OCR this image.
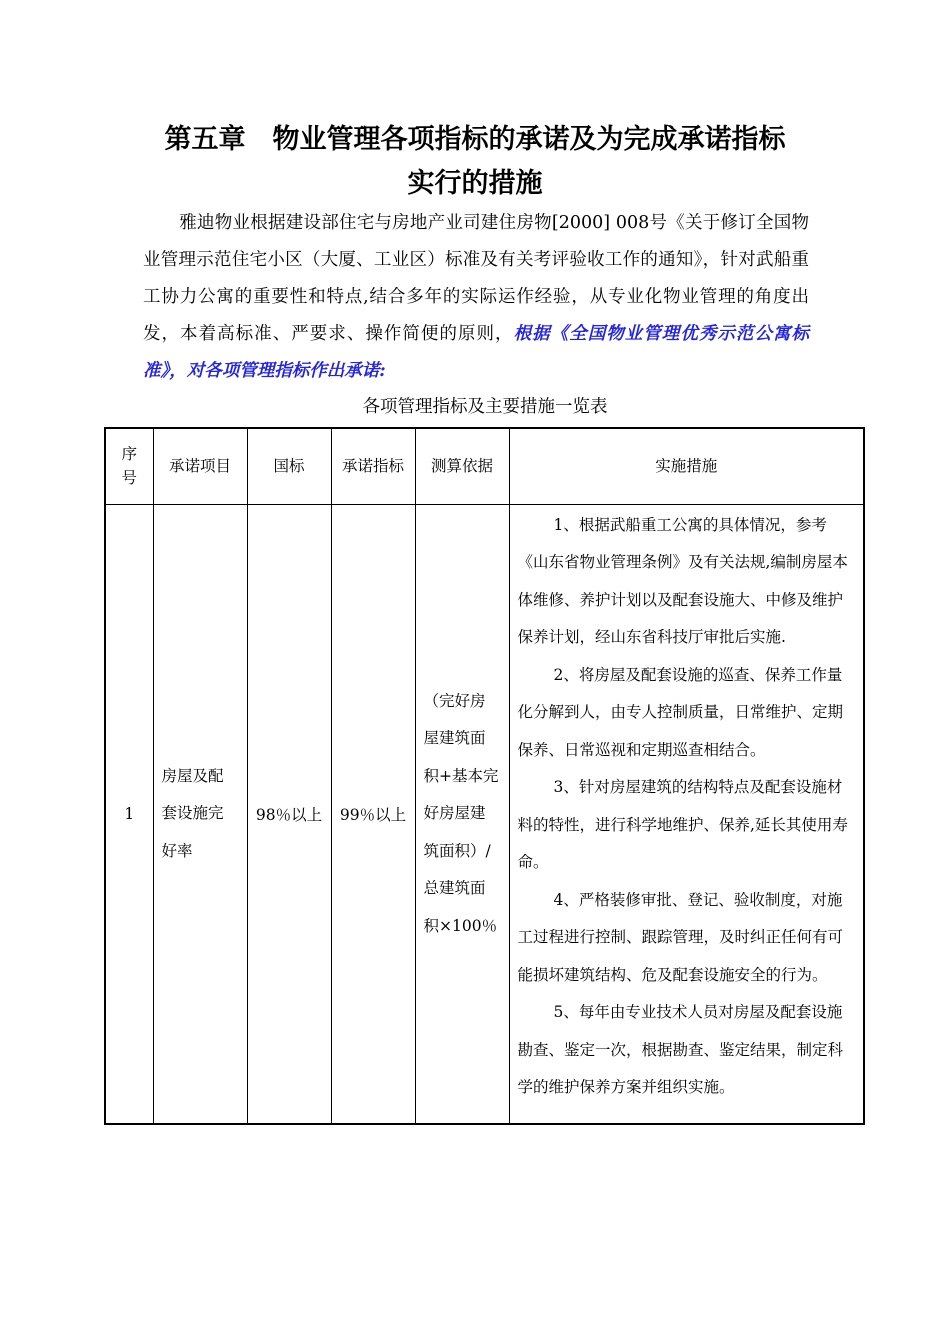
第五章　物业管理各项指标的承诺及为完成承诺指标
实行的措施

雅迪物业根据建设部住宅与房地产业司建住房物[2000] 008号《关于修订全国物业管理示范住宅小区（大厦、工业区）标准及有关考评验收工作的通知》，针对武船重工协力公寓的重要性和特点,结合多年的实际运作经验，从专业化物业管理的角度出发，本着高标准、严要求、操作简便的原则，根据《全国物业管理优秀示范公寓标准》，对各项管理指标作出承诺:

各项管理指标及主要措施一览表

序号	承诺项目	国标	承诺指标	测算依据	实施措施
1	房屋及配套设施完好率	98％以上	99％以上	（完好房屋建筑面积+基本完好房屋建筑面积）/总建筑面积×100％	1、根据武船重工公寓的具体情况，参考《山东省物业管理条例》及有关法规,编制房屋本体维修、养护计划以及配套设施大、中修及维护保养计划，经山东省科技厅审批后实施.

2、将房屋及配套设施的巡查、保养工作量化分解到人，由专人控制质量，日常维护、定期保养、日常巡视和定期巡查相结合。

3、针对房屋建筑的结构特点及配套设施材料的特性，进行科学地维护、保养,延长其使用寿命。

4、严格装修审批、登记、验收制度，对施工过程进行控制、跟踪管理，及时纠正任何有可能损坏建筑结构、危及配套设施安全的行为。

5、每年由专业技术人员对房屋及配套设施勘查、鉴定一次，根据勘查、鉴定结果，制定科学的维护保养方案并组织实施。
